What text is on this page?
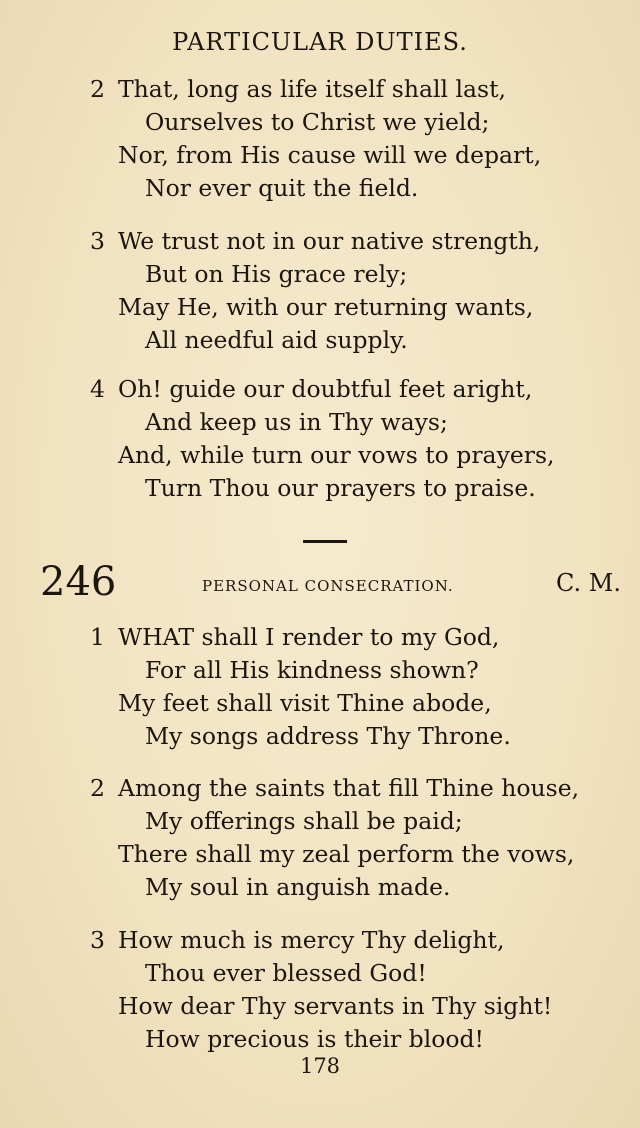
PARTICULAR DUTIES.
2 That, long as life itself shall last,
Ourselves to Christ we yield;
Nor, from His cause will we depart,
Nor ever quit the field.
3 We trust not in our native strength,
But on His grace rely;
May He, with our returning wants,
All needful aid supply.
4 Oh! guide our doubtful feet aright,
And keep us in Thy ways;
And, while turn our vows to prayers,
Turn Thou our prayers to praise.
246	PERSONAL CONSECRATION.	C. M.
1 WHAT shall I render to my God,
For all His kindness shown?
My feet shall visit Thine abode,
My songs address Thy Throne.
2 Among the saints that fill Thine house,
My offerings shall be paid;
There shall my zeal perform the vows,
My soul in anguish made.
3 How much is mercy Thy delight,
Thou ever blessed God!
How dear Thy servants in Thy sight!
How precious is their blood!
178
